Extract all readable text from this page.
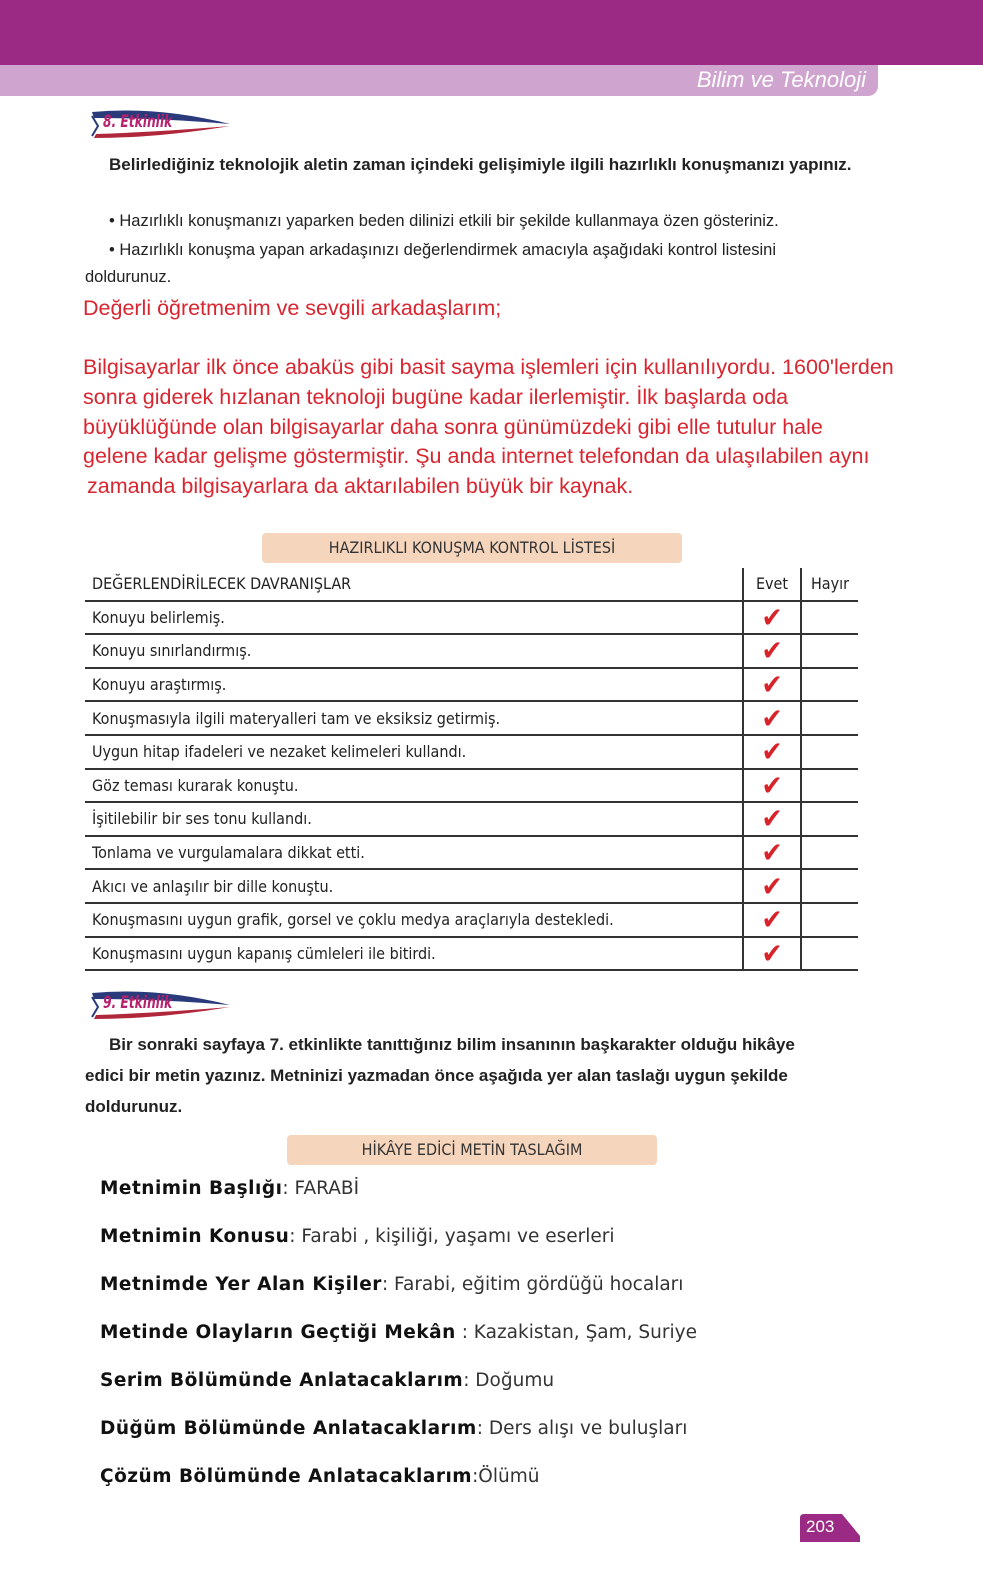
Bilim ve Teknoloji
8. Etkinlik
Belirlediğiniz teknolojik aletin zaman içindeki gelişimiyle ilgili hazırlıklı konuşmanızı yapınız.
• Hazırlıklı konuşmanızı yaparken beden dilinizi etkili bir şekilde kullanmaya özen gösteriniz.
• Hazırlıklı konuşma yapan arkadaşınızı değerlendirmek amacıyla aşağıdaki kontrol listesini doldurunuz.
Değerli öğretmenim ve sevgili arkadaşlarım;
Bilgisayarlar ilk önce abaküs gibi basit sayma işlemleri için kullanılıyordu. 1600'lerden
sonra giderek hızlanan teknoloji bugüne kadar ilerlemiştir. İlk başlarda oda
büyüklüğünde olan bilgisayarlar daha sonra günümüzdeki gibi elle tutulur hale
gelene kadar gelişme göstermiştir. Şu anda internet telefondan da ulaşılabilen aynı
zamanda bilgisayarlara da aktarılabilen büyük bir kaynak.
HAZIRLIKLI KONUŞMA KONTROL LİSTESİ
DEĞERLENDİRİLECEK DAVRANIŞLAR	Evet	Hayır
Konuyu belirlemiş.	✔
Konuyu sınırlandırmış.	✔
Konuyu araştırmış.	✔
Konuşmasıyla ilgili materyalleri tam ve eksiksiz getirmiş.	✔
Uygun hitap ifadeleri ve nezaket kelimeleri kullandı.	✔
Göz teması kurarak konuştu.	✔
İşitilebilir bir ses tonu kullandı.	✔
Tonlama ve vurgulamalara dikkat etti.	✔
Akıcı ve anlaşılır bir dille konuştu.	✔
Konuşmasını uygun grafik, gorsel ve çoklu medya araçlarıyla destekledi.	✔
Konuşmasını uygun kapanış cümleleri ile bitirdi.	✔
9. Etkinlik
Bir sonraki sayfaya 7. etkinlikte tanıttığınız bilim insanının başkarakter olduğu hikâye
edici bir metin yazınız. Metninizi yazmadan önce aşağıda yer alan taslağı uygun şekilde
doldurunuz.
HİKÂYE EDİCİ METİN TASLAĞIM
Metnimin Başlığı: FARABİ
Metnimin Konusu: Farabi , kişiliği, yaşamı ve eserleri
Metnimde Yer Alan Kişiler: Farabi, eğitim gördüğü hocaları
Metinde Olayların Geçtiği Mekân : Kazakistan, Şam, Suriye
Serim Bölümünde Anlatacaklarım: Doğumu
Düğüm Bölümünde Anlatacaklarım: Ders alışı ve buluşları
Çözüm Bölümünde Anlatacaklarım:Ölümü
203
